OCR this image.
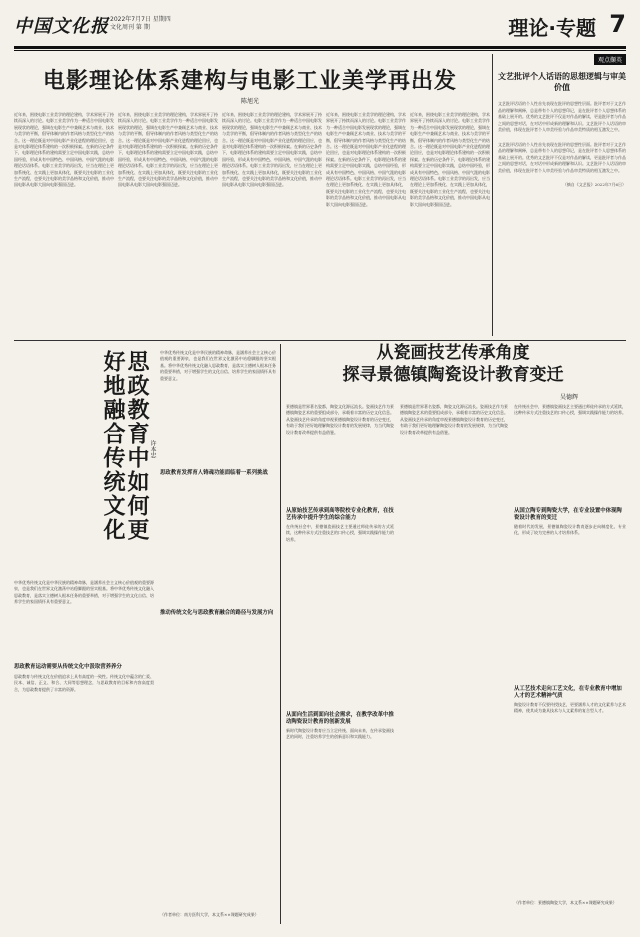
中国文化报 2022年7月7日 星期四
文化周刊 第 期	理论·专题 7
电影理论体系建构与电影工业美学再出发
陈旭光
近年来，围绕电影工业美学的理论建构，学术界展开了持续而深入的讨论。电影工业美学作为一种适合中国电影发展现状的理论，强调在电影生产中兼顾艺术与商业、技术与美学的平衡，倡导体制内的作者风格与类型化生产的结合。这一理论既是对中国电影产业化进程的理论回应，也是对电影理论体系建构的一次积极探索。在新的历史条件下，电影理论体系的建构需要立足中国电影实践，总结中国经验，形成具有中国特色、中国风格、中国气派的电影理论话语体系。电影工业美学的再出发，应当在理论上更加系统化、在实践上更加具体化，既要关注电影的工业化生产流程，也要关注电影的美学品格和文化价值，推动中国电影从电影大国向电影强国迈进。
近年来，围绕电影工业美学的理论建构，学术界展开了持续而深入的讨论。电影工业美学作为一种适合中国电影发展现状的理论，强调在电影生产中兼顾艺术与商业、技术与美学的平衡，倡导体制内的作者风格与类型化生产的结合。这一理论既是对中国电影产业化进程的理论回应，也是对电影理论体系建构的一次积极探索。在新的历史条件下，电影理论体系的建构需要立足中国电影实践，总结中国经验，形成具有中国特色、中国风格、中国气派的电影理论话语体系。电影工业美学的再出发，应当在理论上更加系统化、在实践上更加具体化，既要关注电影的工业化生产流程，也要关注电影的美学品格和文化价值，推动中国电影从电影大国向电影强国迈进。
近年来，围绕电影工业美学的理论建构，学术界展开了持续而深入的讨论。电影工业美学作为一种适合中国电影发展现状的理论，强调在电影生产中兼顾艺术与商业、技术与美学的平衡，倡导体制内的作者风格与类型化生产的结合。这一理论既是对中国电影产业化进程的理论回应，也是对电影理论体系建构的一次积极探索。在新的历史条件下，电影理论体系的建构需要立足中国电影实践，总结中国经验，形成具有中国特色、中国风格、中国气派的电影理论话语体系。电影工业美学的再出发，应当在理论上更加系统化、在实践上更加具体化，既要关注电影的工业化生产流程，也要关注电影的美学品格和文化价值，推动中国电影从电影大国向电影强国迈进。
近年来，围绕电影工业美学的理论建构，学术界展开了持续而深入的讨论。电影工业美学作为一种适合中国电影发展现状的理论，强调在电影生产中兼顾艺术与商业、技术与美学的平衡，倡导体制内的作者风格与类型化生产的结合。这一理论既是对中国电影产业化进程的理论回应，也是对电影理论体系建构的一次积极探索。在新的历史条件下，电影理论体系的建构需要立足中国电影实践，总结中国经验，形成具有中国特色、中国风格、中国气派的电影理论话语体系。电影工业美学的再出发，应当在理论上更加系统化、在实践上更加具体化，既要关注电影的工业化生产流程，也要关注电影的美学品格和文化价值，推动中国电影从电影大国向电影强国迈进。
近年来，围绕电影工业美学的理论建构，学术界展开了持续而深入的讨论。电影工业美学作为一种适合中国电影发展现状的理论，强调在电影生产中兼顾艺术与商业、技术与美学的平衡，倡导体制内的作者风格与类型化生产的结合。这一理论既是对中国电影产业化进程的理论回应，也是对电影理论体系建构的一次积极探索。在新的历史条件下，电影理论体系的建构需要立足中国电影实践，总结中国经验，形成具有中国特色、中国风格、中国气派的电影理论话语体系。电影工业美学的再出发，应当在理论上更加系统化、在实践上更加具体化，既要关注电影的工业化生产流程，也要关注电影的美学品格和文化价值，推动中国电影从电影大国向电影强国迈进。
观点撷英
文艺批评个人话语的思想逻辑与审美价值
文艺批评话语的个人性首先表现在批评的思想性层面。批评者对于文艺作品的理解和阐释，总是带有个人的思想印记，是在批评者个人思想体系的基础上展开的。优秀的文艺批评不仅是对作品的解读，更是批评者与作品之间的思想对话，在对话中形成新的理解和认识。文艺批评个人话语的审美价值，体现在批评者个人审美经验与作品审美特质的相互激发之中。
文艺批评话语的个人性首先表现在批评的思想性层面。批评者对于文艺作品的理解和阐释，总是带有个人的思想印记，是在批评者个人思想体系的基础上展开的。优秀的文艺批评不仅是对作品的解读，更是批评者与作品之间的思想对话，在对话中形成新的理解和认识。文艺批评个人话语的审美价值，体现在批评者个人审美经验与作品审美特质的相互激发之中。
（摘自《文艺报》2022年7月6日）
思政教育中如何更好地融合传统文化	许本忠
中华优秀传统文化是中华民族的精神命脉，是涵养社会主义核心价值观的重要源泉，也是我们在世界文化激荡中站稳脚跟的坚实根基。将中华优秀传统文化融入思政教育，是落实立德树人根本任务的重要举措，对于增强学生的文化自信、培养学生的家国情怀具有重要意义。
中华优秀传统文化是中华民族的精神命脉，是涵养社会主义核心价值观的重要源泉，也是我们在世界文化激荡中站稳脚跟的坚实根基。将中华优秀传统文化融入思政教育，是落实立德树人根本任务的重要举措，对于增强学生的文化自信、培养学生的家国情怀具有重要意义。
思政教育运动需要从传统文化中汲取营养养分
思政教育与传统文化在价值追求上具有高度的一致性。传统文化中蕴含的仁爱、民本、诚信、正义、和合、大同等思想理念，与思政教育的目标和内容高度契合，为思政教育提供了丰富的资源。
思政教育发挥育人铸魂功能面临着一系列挑战
推动传统文化与思政教育融合的路径与发展方向
（作者单位：南方医科大学，本文系××课题研究成果）
从瓷画技艺传承角度
探寻景德镇陶瓷设计教育变迁
吴德辉
景德镇是世界著名瓷都，陶瓷文化源远流长。瓷画技艺作为景德镇陶瓷艺术的重要组成部分，承载着丰富的历史文化信息。从瓷画技艺传承的角度审视景德镇陶瓷设计教育的历史变迁，有助于我们更好地理解陶瓷设计教育的发展规律，为当代陶瓷设计教育改革提供有益借鉴。
从原始技艺传承到高等院校专业化教育，在技艺传承中提升学生的综合能力
在传统社会中，景德镇瓷画技艺主要通过师徒传承的方式延续，这种传承方式注重技艺的口传心授，强调实践操作能力的培养。
从面向生活到面向社会需求，在教学改革中推动陶瓷设计教育的创新发展
新时代陶瓷设计教育应当立足传统、面向未来，在传承瓷画技艺的同时，注重培养学生的创新意识和实践能力。
景德镇是世界著名瓷都，陶瓷文化源远流长。瓷画技艺作为景德镇陶瓷艺术的重要组成部分，承载着丰富的历史文化信息。从瓷画技艺传承的角度审视景德镇陶瓷设计教育的历史变迁，有助于我们更好地理解陶瓷设计教育的发展规律，为当代陶瓷设计教育改革提供有益借鉴。
在传统社会中，景德镇瓷画技艺主要通过师徒传承的方式延续，这种传承方式注重技艺的口传心授，强调实践操作能力的培养。
从国立陶专到陶瓷大学，在专业设置中体现陶瓷设计教育的变迁
随着时代的发展，景德镇陶瓷设计教育逐步走向制度化、专业化，形成了较为完善的人才培养体系。
从工艺技术走向工艺文化，在专业教育中增加人才的艺术精神气质
陶瓷设计教育不仅要传授技艺，更要涵养人才的文化素养与艺术精神，使其成为兼具技术与人文素养的复合型人才。
（作者单位：景德镇陶瓷大学，本文系××课题研究成果）
